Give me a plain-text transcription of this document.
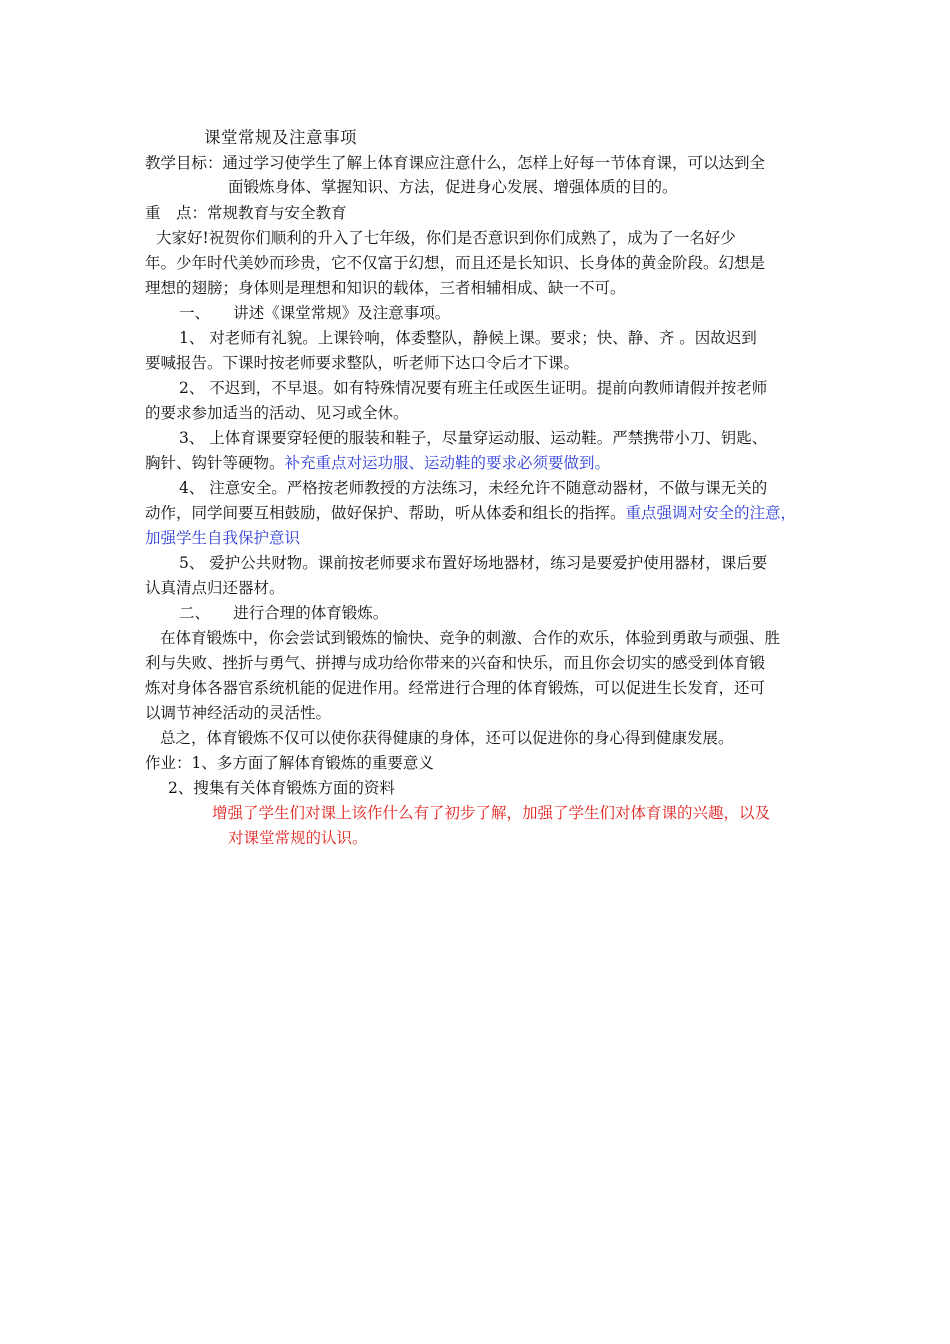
课堂常规及注意事项
教学目标：通过学习使学生了解上体育课应注意什么，怎样上好每一节体育课，可以达到全
面锻炼身体、掌握知识、方法，促进身心发展、增强体质的目的。
重　点：常规教育与安全教育
大家好!祝贺你们顺利的升入了七年级，你们是否意识到你们成熟了，成为了一名好少
年。少年时代美妙而珍贵，它不仅富于幻想，而且还是长知识、长身体的黄金阶段。幻想是
理想的翅膀；身体则是理想和知识的载体，三者相辅相成、缺一不可。
一、　　讲述《课堂常规》及注意事项。
1、 对老师有礼貌。上课铃响，体委整队，静候上课。要求；快、静、齐 。因故迟到
要喊报告。下课时按老师要求整队，听老师下达口令后才下课。
2、 不迟到，不早退。如有特殊情况要有班主任或医生证明。提前向教师请假并按老师
的要求参加适当的活动、见习或全休。
3、 上体育课要穿轻便的服装和鞋子，尽量穿运动服、运动鞋。严禁携带小刀、钥匙、
胸针、钩针等硬物。补充重点对运功服、运动鞋的要求必须要做到。
4、 注意安全。严格按老师教授的方法练习，未经允许不随意动器材，不做与课无关的
动作，同学间要互相鼓励，做好保护、帮助，听从体委和组长的指挥。重点强调对安全的注意，
加强学生自我保护意识
5、 爱护公共财物。课前按老师要求布置好场地器材，练习是要爱护使用器材，课后要
认真清点归还器材。
二、　　进行合理的体育锻炼。
在体育锻炼中，你会尝试到锻炼的愉快、竞争的刺激、合作的欢乐，体验到勇敢与顽强、胜
利与失败、挫折与勇气、拼搏与成功给你带来的兴奋和快乐，而且你会切实的感受到体育锻
炼对身体各器官系统机能的促进作用。经常进行合理的体育锻炼，可以促进生长发育，还可
以调节神经活动的灵活性。
总之，体育锻炼不仅可以使你获得健康的身体，还可以促进你的身心得到健康发展。
作业：1、多方面了解体育锻炼的重要意义
2、搜集有关体育锻炼方面的资料
增强了学生们对课上该作什么有了初步了解，加强了学生们对体育课的兴趣，以及
对课堂常规的认识。
